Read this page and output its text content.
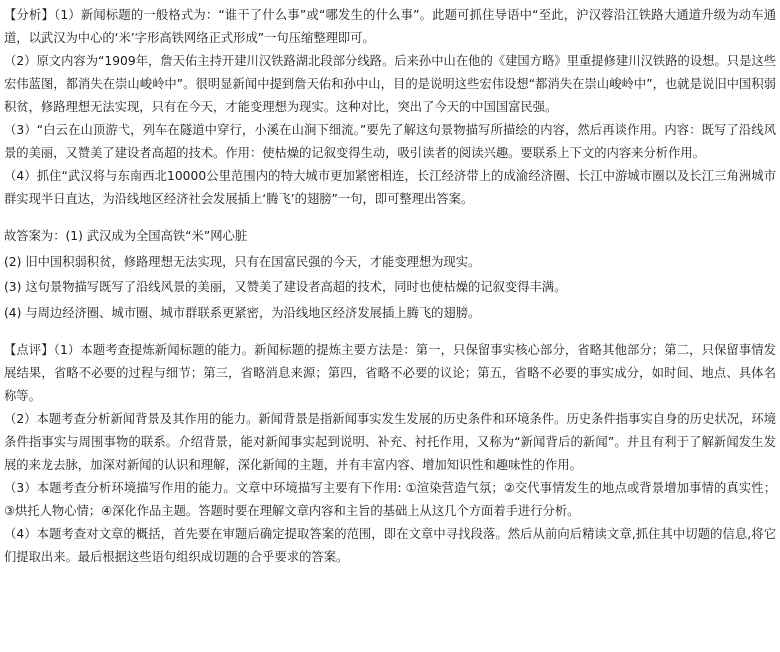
【分析】（1）新闻标题的一般格式为：“谁干了什么事”或“哪发生的什么事”。此题可抓住导语中“至此，沪汉蓉沿江铁路大通道升级为动车通道，以武汉为中心的‘米’字形高铁网络正式形成”一句压缩整理即可。

（2）原文内容为“1909年，詹天佑主持开建川汉铁路湖北段部分线路。后来孙中山在他的《建国方略》里重提修建川汉铁路的设想。只是这些宏伟蓝图，都消失在崇山峻岭中”。很明显新闻中提到詹天佑和孙中山，目的是说明这些宏伟设想“都消失在崇山峻岭中”，也就是说旧中国积弱积贫，修路理想无法实现，只有在今天，才能变理想为现实。这种对比，突出了今天的中国国富民强。

（3）“白云在山顶游弋，列车在隧道中穿行，小溪在山涧下细流。”要先了解这句景物描写所描绘的内容，然后再谈作用。内容：既写了沿线风景的美丽，又赞美了建设者高超的技术。作用：使枯燥的记叙变得生动，吸引读者的阅读兴趣。要联系上下文的内容来分析作用。

（4）抓住“武汉将与东南西北10000公里范围内的特大城市更加紧密相连，长江经济带上的成渝经济圈、长江中游城市圈以及长江三角洲城市群实现半日直达，为沿线地区经济社会发展插上‘腾飞’的翅膀”一句，即可整理出答案。

故答案为：(1) 武汉成为全国高铁“米”网心脏

(2) 旧中国积弱积贫，修路理想无法实现，只有在国富民强的今天，才能变理想为现实。

(3) 这句景物描写既写了沿线风景的美丽，又赞美了建设者高超的技术，同时也使枯燥的记叙变得丰满。

(4) 与周边经济圈、城市圈、城市群联系更紧密，为沿线地区经济发展插上腾飞的翅膀。

【点评】（1）本题考查提炼新闻标题的能力。新闻标题的提炼主要方法是：第一，只保留事实核心部分，省略其他部分；第二，只保留事情发展结果，省略不必要的过程与细节；第三，省略消息来源；第四，省略不必要的议论；第五，省略不必要的事实成分，如时间、地点、具体名称等。

（2）本题考查分析新闻背景及其作用的能力。新闻背景是指新闻事实发生发展的历史条件和环境条件。历史条件指事实自身的历史状况，环境条件指事实与周围事物的联系。介绍背景，能对新闻事实起到说明、补充、衬托作用，又称为“新闻背后的新闻”。并且有利于了解新闻发生发展的来龙去脉，加深对新闻的认识和理解，深化新闻的主题，并有丰富内容、增加知识性和趣味性的作用。

（3）本题考查分析环境描写作用的能力。文章中环境描写主要有下作用: ①渲染营造气氛；②交代事情发生的地点或背景增加事情的真实性；③烘托人物心情；④深化作品主题。答题时要在理解文章内容和主旨的基础上从这几个方面着手进行分析。

（4）本题考查对文章的概括，首先要在审题后确定提取答案的范围，即在文章中寻找段落。然后从前向后精读文章,抓住其中切题的信息,将它们提取出来。最后根据这些语句组织成切题的合乎要求的答案。
